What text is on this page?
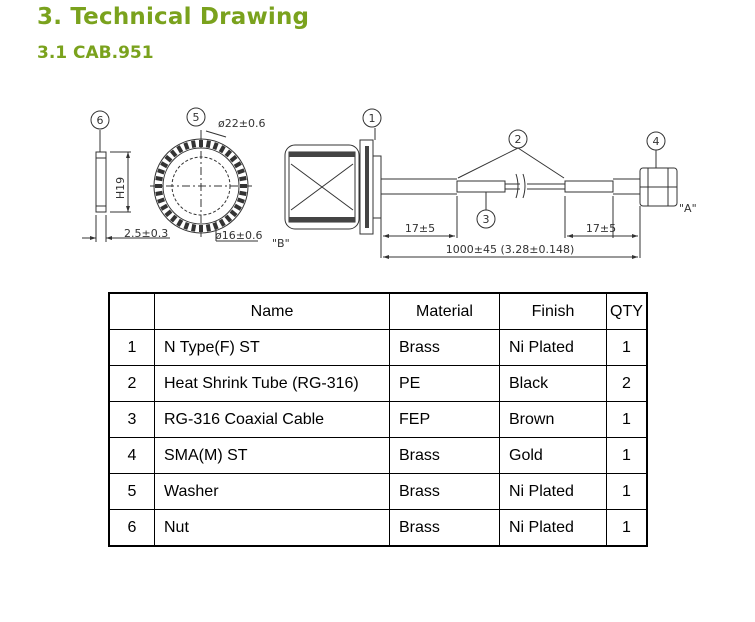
3. Technical Drawing
3.1 CAB.951
6	5	1
2
3
4
ø22±0.6
ø16±0.6
H19
2.5±0.3
"B"
"A"
17±5	17±5
1000±45 (3.28±0.148)
	Name	Material	Finish	QTY
1	N Type(F) ST	Brass	Ni Plated	1
2	Heat Shrink Tube (RG-316)	PE	Black	2
3	RG-316 Coaxial Cable	FEP	Brown	1
4	SMA(M) ST	Brass	Gold	1
5	Washer	Brass	Ni Plated	1
6	Nut	Brass	Ni Plated	1
